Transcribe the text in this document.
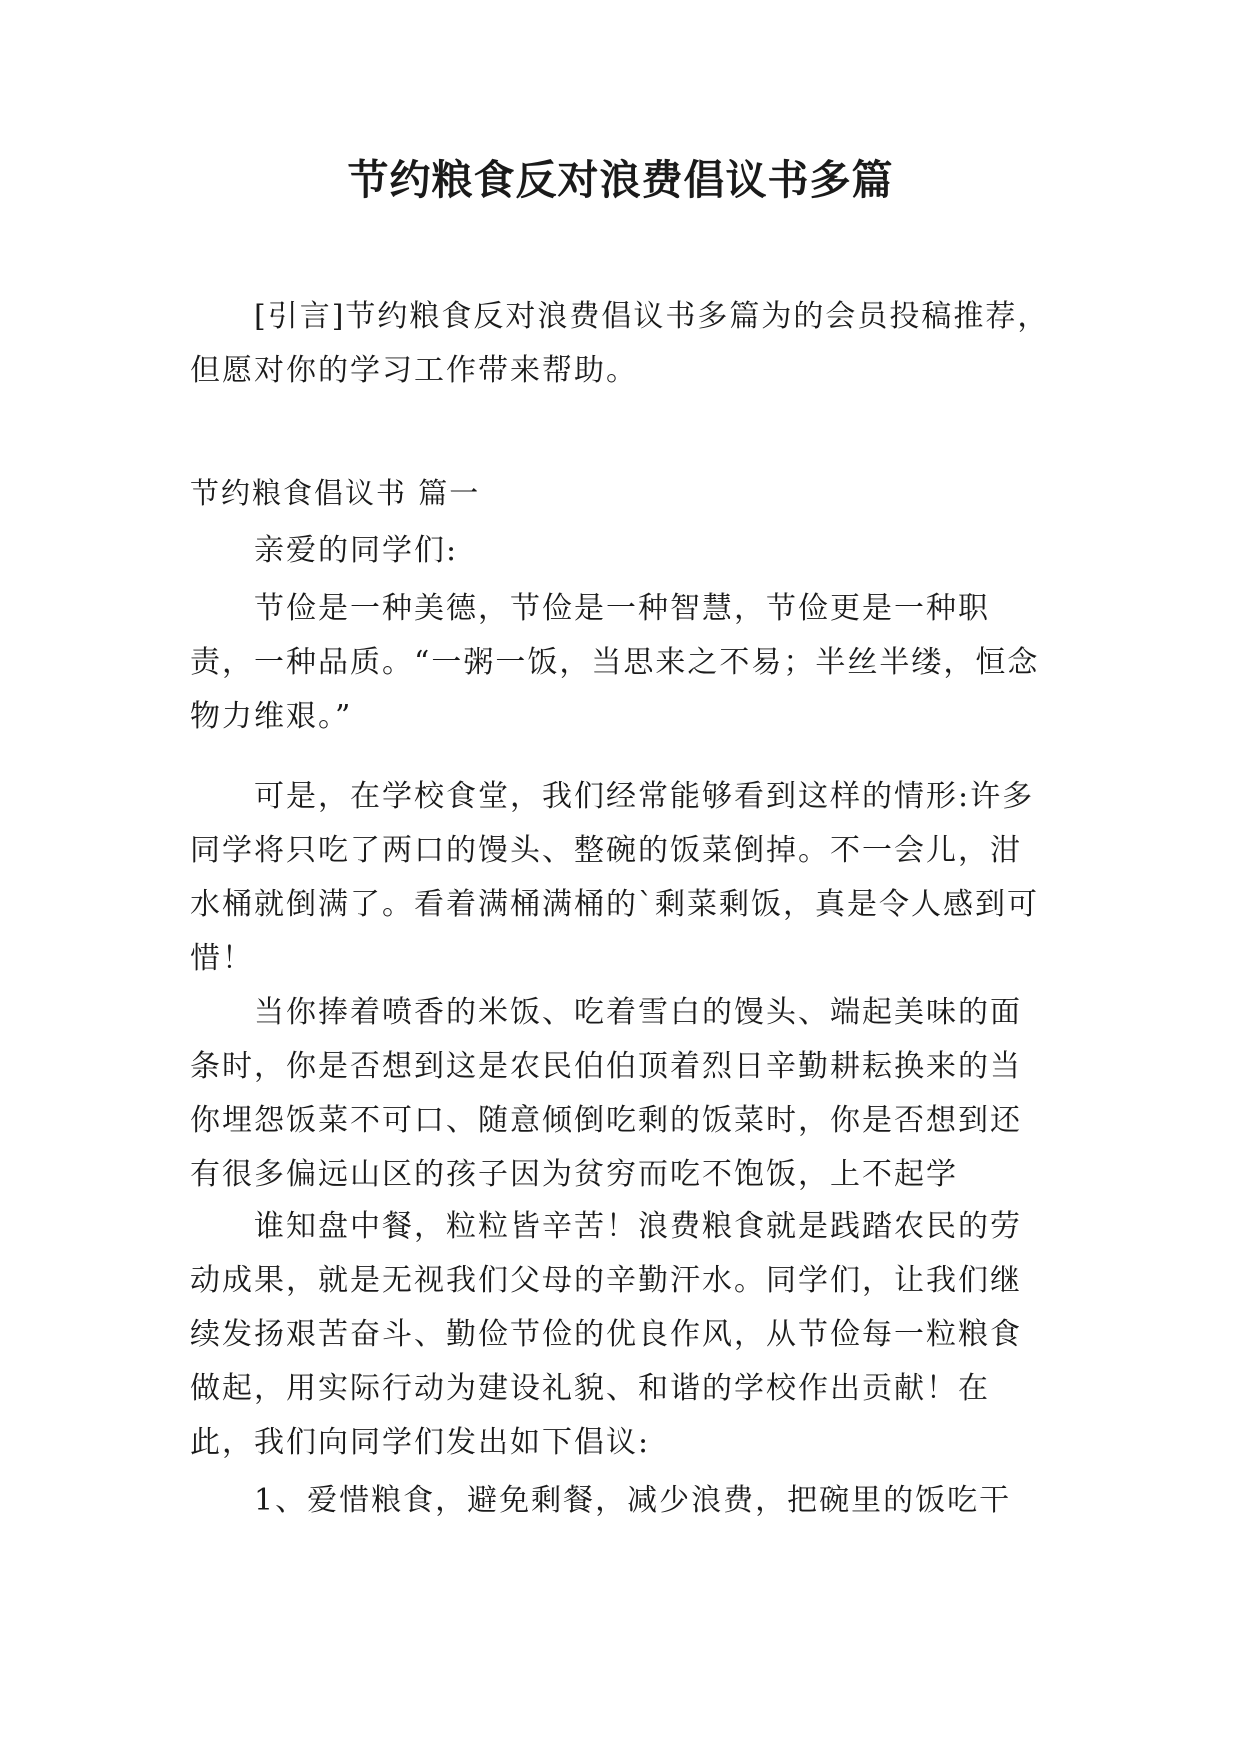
节约粮食反对浪费倡议书多篇

[引言]节约粮食反对浪费倡议书多篇为的会员投稿推荐，但愿对你的学习工作带来帮助。

节约粮食倡议书 篇一

亲爱的同学们:

节俭是一种美德，节俭是一种智慧，节俭更是一种职责，一种品质。“一粥一饭，当思来之不易；半丝半缕，恒念物力维艰。”

可是，在学校食堂，我们经常能够看到这样的情形:许多同学将只吃了两口的馒头、整碗的饭菜倒掉。不一会儿，泔水桶就倒满了。看着满桶满桶的`剩菜剩饭，真是令人感到可惜！

当你捧着喷香的米饭、吃着雪白的馒头、端起美味的面条时，你是否想到这是农民伯伯顶着烈日辛勤耕耘换来的当你埋怨饭菜不可口、随意倾倒吃剩的饭菜时，你是否想到还有很多偏远山区的孩子因为贫穷而吃不饱饭，上不起学

谁知盘中餐，粒粒皆辛苦！浪费粮食就是践踏农民的劳动成果，就是无视我们父母的辛勤汗水。同学们，让我们继续发扬艰苦奋斗、勤俭节俭的优良作风，从节俭每一粒粮食做起，用实际行动为建设礼貌、和谐的学校作出贡献！在此，我们向同学们发出如下倡议:

1、爱惜粮食，避免剩餐，减少浪费，把碗里的饭吃干
